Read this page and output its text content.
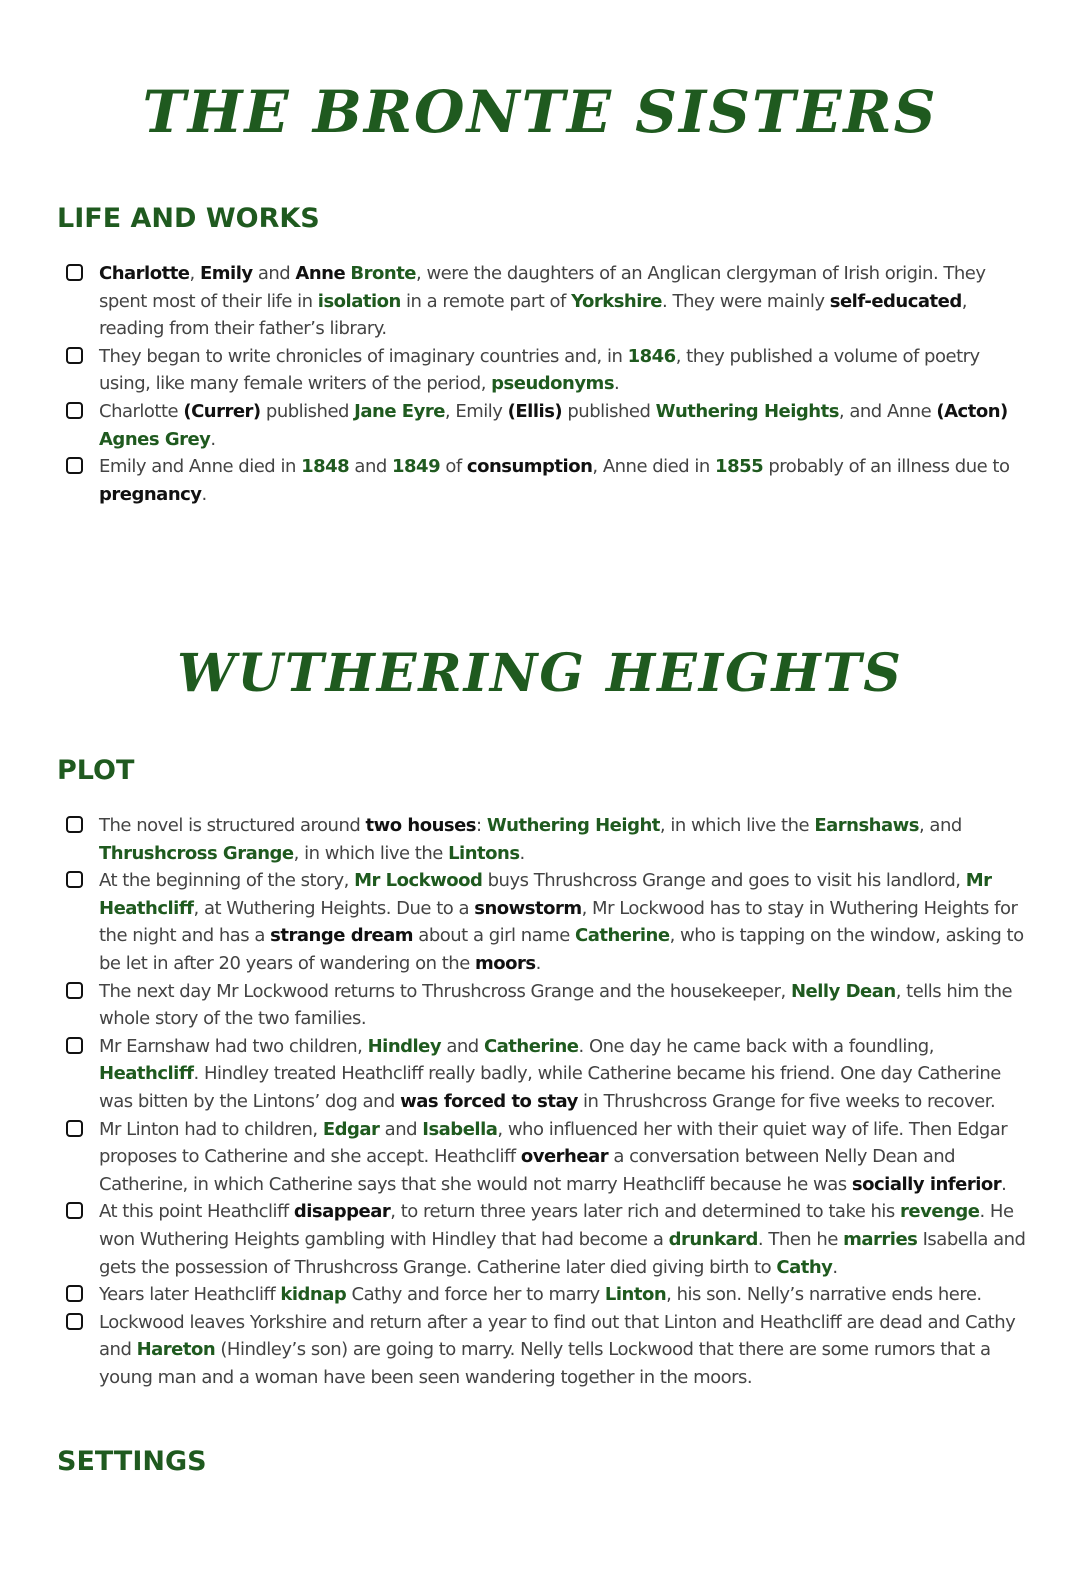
THE BRONTE SISTERS
LIFE AND WORKS
Charlotte, Emily and Anne Bronte, were the daughters of an Anglican clergyman of Irish origin. They spent most of their life in isolation in a remote part of Yorkshire. They were mainly self-educated, reading from their father’s library.
They began to write chronicles of imaginary countries and, in 1846, they published a volume of poetry using, like many female writers of the period, pseudonyms.
Charlotte (Currer) published Jane Eyre, Emily (Ellis) published Wuthering Heights, and Anne (Acton) Agnes Grey.
Emily and Anne died in 1848 and 1849 of consumption, Anne died in 1855 probably of an illness due to pregnancy.
WUTHERING HEIGHTS
PLOT
The novel is structured around two houses: Wuthering Height, in which live the Earnshaws, and Thrushcross Grange, in which live the Lintons.
At the beginning of the story, Mr Lockwood buys Thrushcross Grange and goes to visit his landlord, Mr Heathcliff, at Wuthering Heights. Due to a snowstorm, Mr Lockwood has to stay in Wuthering Heights for the night and has a strange dream about a girl name Catherine, who is tapping on the window, asking to be let in after 20 years of wandering on the moors.
The next day Mr Lockwood returns to Thrushcross Grange and the housekeeper, Nelly Dean, tells him the whole story of the two families.
Mr Earnshaw had two children, Hindley and Catherine. One day he came back with a foundling, Heathcliff. Hindley treated Heathcliff really badly, while Catherine became his friend. One day Catherine was bitten by the Lintons’ dog and was forced to stay in Thrushcross Grange for five weeks to recover.
Mr Linton had to children, Edgar and Isabella, who influenced her with their quiet way of life. Then Edgar proposes to Catherine and she accept. Heathcliff overhear a conversation between Nelly Dean and Catherine, in which Catherine says that she would not marry Heathcliff because he was socially inferior.
At this point Heathcliff disappear, to return three years later rich and determined to take his revenge. He won Wuthering Heights gambling with Hindley that had become a drunkard. Then he marries Isabella and gets the possession of Thrushcross Grange. Catherine later died giving birth to Cathy.
Years later Heathcliff kidnap Cathy and force her to marry Linton, his son. Nelly’s narrative ends here.
Lockwood leaves Yorkshire and return after a year to find out that Linton and Heathcliff are dead and Cathy and Hareton (Hindley’s son) are going to marry. Nelly tells Lockwood that there are some rumors that a young man and a woman have been seen wandering together in the moors.
SETTINGS
